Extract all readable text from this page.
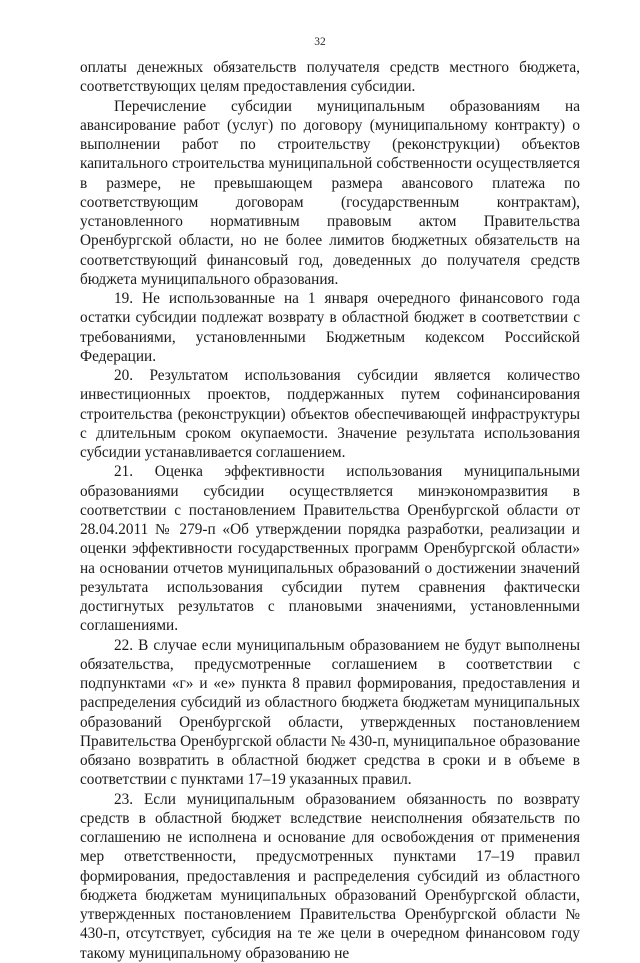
32

оплаты денежных обязательств получателя средств местного бюджета, соответствующих целям предоставления субсидии.

Перечисление субсидии муниципальным образованиям на авансирование работ (услуг) по договору (муниципальному контракту) о выполнении работ по строительству (реконструкции) объектов капитального строительства муниципальной собственности осуществляется в размере, не превышающем размера авансового платежа по соответствующим договорам (государственным контрактам), установленного нормативным правовым актом Правительства Оренбургской области, но не более лимитов бюджетных обязательств на соответствующий финансовый год, доведенных до получателя средств бюджета муниципального образования.

19. Не использованные на 1 января очередного финансового года остатки субсидии подлежат возврату в областной бюджет в соответствии с требованиями, установленными Бюджетным кодексом Российской Федерации.

20. Результатом использования субсидии является количество инвестиционных проектов, поддержанных путем софинансирования строительства (реконструкции) объектов обеспечивающей инфраструктуры с длительным сроком окупаемости. Значение результата использования субсидии устанавливается соглашением.

21. Оценка эффективности использования муниципальными образованиями субсидии осуществляется минэкономразвития в соответствии с постановлением Правительства Оренбургской области от 28.04.2011 № 279-п «Об утверждении порядка разработки, реализации и оценки эффективности государственных программ Оренбургской области» на основании отчетов муниципальных образований о достижении значений результата использования субсидии путем сравнения фактически достигнутых результатов с плановыми значениями, установленными соглашениями.

22. В случае если муниципальным образованием не будут выполнены обязательства, предусмотренные соглашением в соответствии с подпунктами «г» и «е» пункта 8 правил формирования, предоставления и распределения субсидий из областного бюджета бюджетам муниципальных образований Оренбургской области, утвержденных постановлением Правительства Оренбургской области № 430-п, муниципальное образование обязано возвратить в областной бюджет средства в сроки и в объеме в соответствии с пунктами 17–19 указанных правил.

23. Если муниципальным образованием обязанность по возврату средств в областной бюджет вследствие неисполнения обязательств по соглашению не исполнена и основание для освобождения от применения мер ответственности, предусмотренных пунктами 17–19 правил формирования, предоставления и распределения субсидий из областного бюджета бюджетам муниципальных образований Оренбургской области, утвержденных постановлением Правительства Оренбургской области № 430-п, отсутствует, субсидия на те же цели в очередном финансовом году такому муниципальному образованию не
